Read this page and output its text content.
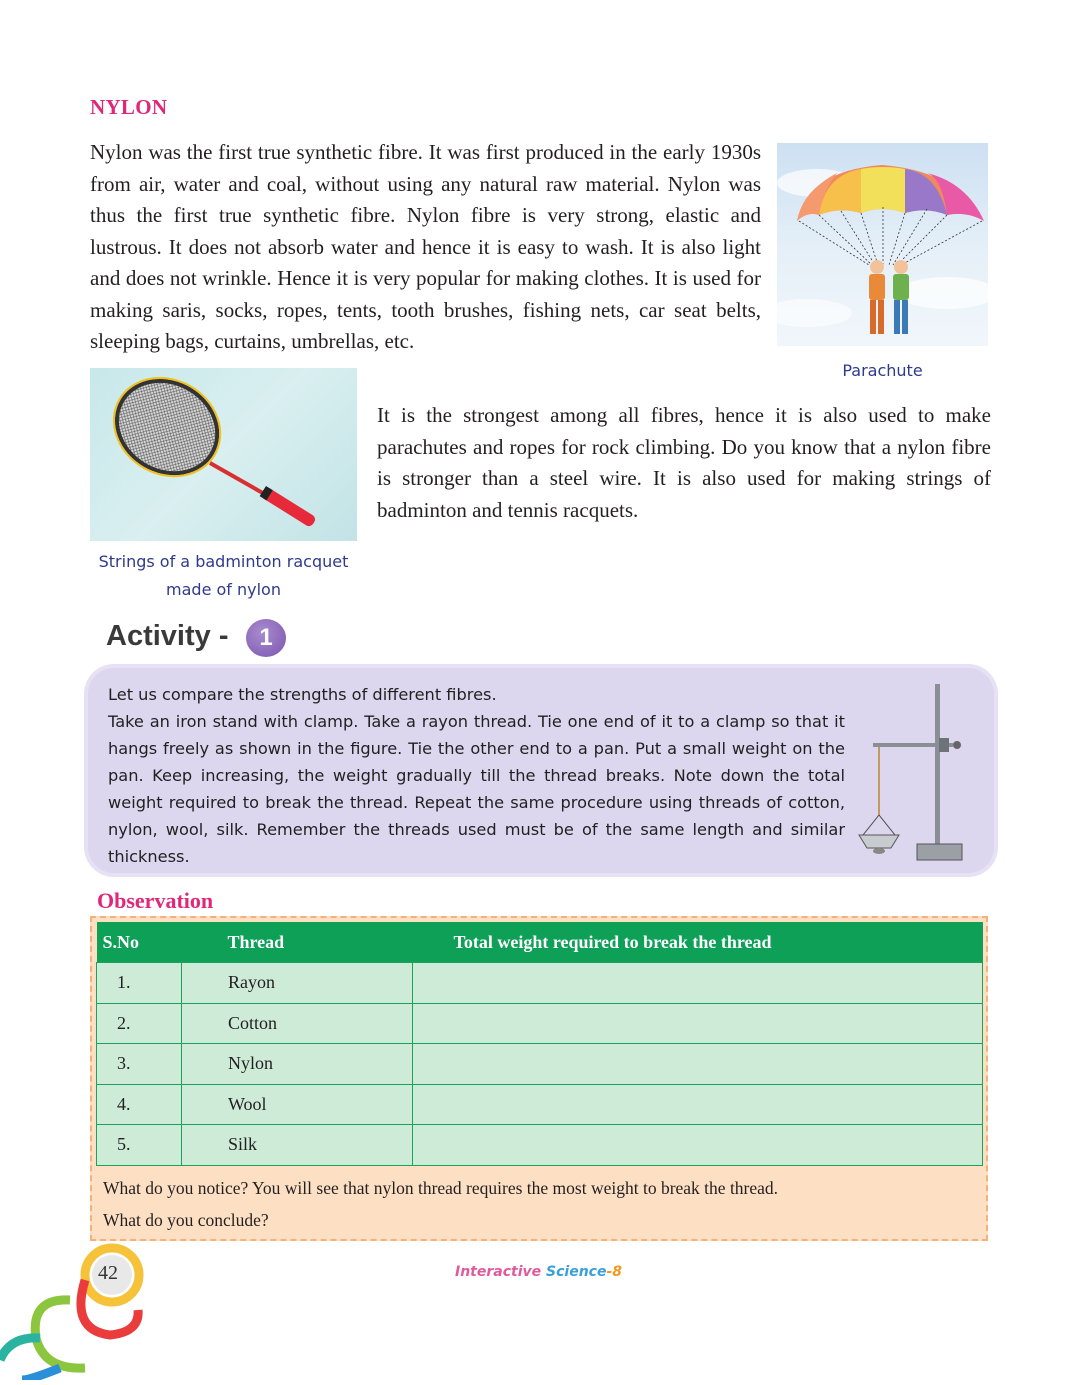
NYLON
Nylon was the first true synthetic fibre. It was first produced in the early 1930s from air, water and coal, without using any natural raw material. Nylon was thus the first true synthetic fibre. Nylon fibre is very strong, elastic and lustrous. It does not absorb water and hence it is easy to wash. It is also light and does not wrinkle. Hence it is very popular for making clothes. It is used for making saris, socks, ropes, tents, tooth brushes, fishing nets, car seat belts, sleeping bags, curtains, umbrellas, etc.
Parachute
Strings of a badminton racquet
made of nylon
It is the strongest among all fibres, hence it is also used to make parachutes and ropes for rock climbing. Do you know that a nylon fibre is stronger than a steel wire. It is also used for making strings of badminton and tennis racquets.
Activity -	1

Let us compare the strengths of different fibres.

Take an iron stand with clamp. Take a rayon thread. Tie one end of it to a clamp so that it hangs freely as shown in the figure. Tie the other end to a pan. Put a small weight on the pan. Keep increasing, the weight gradually till the thread breaks. Note down the total weight required to break the thread. Repeat the same procedure using threads of cotton, nylon, wool, silk. Remember the threads used must be of the same length and similar thickness.

Observation
S.No	Thread	Total weight required to break the thread
1.	Rayon	
2.	Cotton	
3.	Nylon	
4.	Wool	
5.	Silk	
What do you notice? You will see that nylon thread requires the most weight to break the thread.
What do you conclude?
42	Interactive Science-8
